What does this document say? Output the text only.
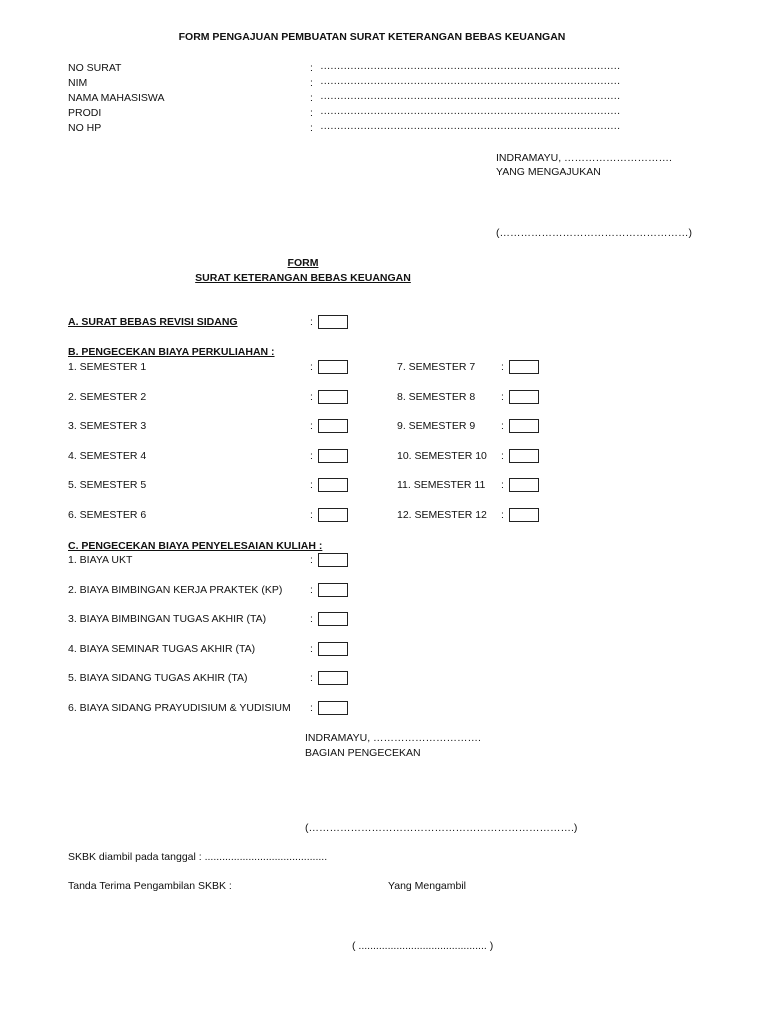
FORM PENGAJUAN PEMBUATAN SURAT KETERANGAN BEBAS KEUANGAN
NO SURAT	: ………………………………………………………………………………
NIM	: ………………………………………………………………………………
NAMA MAHASISWA	: ………………………………………………………………………………
PRODI	: ………………………………………………………………………………
NO HP	: ………………………………………………………………………………
INDRAMAYU, ………………………….
YANG MENGAJUKAN
(………………………………………………)
FORM
SURAT KETERANGAN BEBAS KEUANGAN
A. SURAT BEBAS REVISI SIDANG	:
B. PENGECEKAN BIAYA PERKULIAHAN :
1. SEMESTER 1	:	7. SEMESTER 7 :
2. SEMESTER 2	:	8. SEMESTER 8 :
3. SEMESTER 3	:	9. SEMESTER 9 :
4. SEMESTER 4	:	10. SEMESTER 10 :
5. SEMESTER 5	:	11. SEMESTER 11 :
6. SEMESTER 6	:	12. SEMESTER 12 :
C. PENGECEKAN BIAYA PENYELESAIAN KULIAH :
1. BIAYA UKT	:
2. BIAYA BIMBINGAN KERJA PRAKTEK (KP)	:
3. BIAYA BIMBINGAN TUGAS AKHIR (TA)	:
4. BIAYA SEMINAR TUGAS AKHIR (TA)	:
5. BIAYA SIDANG TUGAS AKHIR (TA)	:
6. BIAYA SIDANG PRAYUDISIUM & YUDISIUM :
INDRAMAYU, ………………………….
BAGIAN PENGECEKAN
(………………………………………………………………….)
SKBK diambil pada tanggal : ..........................................
Tanda Terima Pengambilan SKBK :	Yang Mengambil
( ............................................ )
